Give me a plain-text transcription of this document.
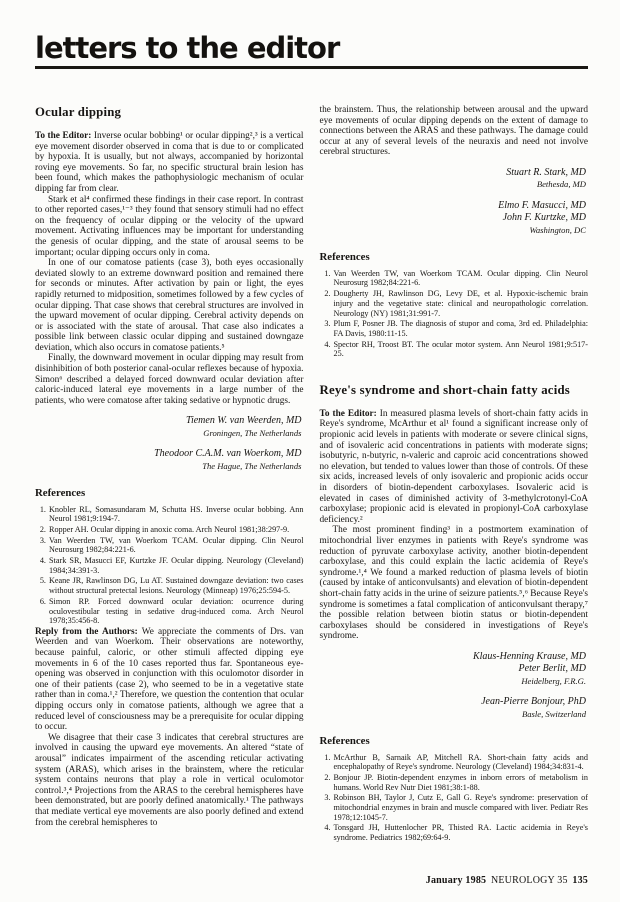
letters to the editor
Ocular dipping

To the Editor: Inverse ocular bobbing¹ or ocular dipping²,³ is a vertical eye movement disorder observed in coma that is due to or complicated by hypoxia. It is usually, but not always, accompanied by horizontal roving eye movements. So far, no specific structural brain lesion has been found, which makes the pathophysiologic mechanism of ocular dipping far from clear.

Stark et al⁴ confirmed these findings in their case report. In contrast to other reported cases,¹⁻³ they found that sensory stimuli had no effect on the frequency of ocular dipping or the velocity of the upward movement. Activating influences may be important for understanding the genesis of ocular dipping, and the state of arousal seems to be important; ocular dipping occurs only in coma.

In one of our comatose patients (case 3), both eyes occasionally deviated slowly to an extreme downward position and remained there for seconds or minutes. After activation by pain or light, the eyes rapidly returned to midposition, sometimes followed by a few cycles of ocular dipping. That case shows that cerebral structures are involved in the upward movement of ocular dipping. Cerebral activity depends on or is associated with the state of arousal. That case also indicates a possible link between classic ocular dipping and sustained downgaze deviation, which also occurs in comatose patients.⁵

Finally, the downward movement in ocular dipping may result from disinhibition of both posterior canal-ocular reflexes because of hypoxia. Simon⁶ described a delayed forced downward ocular deviation after caloric-induced lateral eye movements in a large number of the patients, who were comatose after taking sedative or hypnotic drugs.

Tiemen W. van Weerden, MD
Groningen, The Netherlands
Theodoor C.A.M. van Woerkom, MD
The Hague, The Netherlands
References
1. Knobler RL, Somasundaram M, Schutta HS. Inverse ocular bobbing. Ann Neurol 1981;9:194-7.
2. Ropper AH. Ocular dipping in anoxic coma. Arch Neurol 1981;38:297-9.
3. Van Weerden TW, van Woerkom TCAM. Ocular dipping. Clin Neurol Neurosurg 1982;84:221-6.
4. Stark SR, Masucci EF, Kurtzke JF. Ocular dipping. Neurology (Cleveland) 1984;34:391-3.
5. Keane JR, Rawlinson DG, Lu AT. Sustained downgaze deviation: two cases without structural pretectal lesions. Neurology (Minneap) 1976;25:594-5.
6. Simon RP. Forced downward ocular deviation: ocurrence during oculovestibular testing in sedative drug-induced coma. Arch Neurol 1978;35:456-8.

Reply from the Authors: We appreciate the comments of Drs. van Weerden and van Woerkom. Their observations are noteworthy, because painful, caloric, or other stimuli affected dipping eye movements in 6 of the 10 cases reported thus far. Spontaneous eye-opening was observed in conjunction with this oculomotor disorder in one of their patients (case 2), who seemed to be in a vegetative state rather than in coma.¹,² Therefore, we question the contention that ocular dipping occurs only in comatose patients, although we agree that a reduced level of consciousness may be a prerequisite for ocular dipping to occur.

We disagree that their case 3 indicates that cerebral structures are involved in causing the upward eye movements. An altered “state of arousal” indicates impairment of the ascending reticular activating system (ARAS), which arises in the brainstem, where the reticular system contains neurons that play a role in vertical oculomotor control.³,⁴ Projections from the ARAS to the cerebral hemispheres have been demonstrated, but are poorly defined anatomically.¹ The pathways that mediate vertical eye movements are also poorly defined and extend from the cerebral hemispheres to

the brainstem. Thus, the relationship between arousal and the upward eye movements of ocular dipping depends on the extent of damage to connections between the ARAS and these pathways. The damage could occur at any of several levels of the neuraxis and need not involve cerebral structures.

Stuart R. Stark, MD
Bethesda, MD
Elmo F. Masucci, MD
John F. Kurtzke, MD
Washington, DC
References
1. Van Weerden TW, van Woerkom TCAM. Ocular dipping. Clin Neurol Neurosurg 1982;84:221-6.
2. Dougherty JH, Rawlinson DG, Levy DE, et al. Hypoxic-ischemic brain injury and the vegetative state: clinical and neuropathologic correlation. Neurology (NY) 1981;31:991-7.
3. Plum F, Posner JB. The diagnosis of stupor and coma, 3rd ed. Philadelphia: FA Davis, 1980:11-15.
4. Spector RH, Troost BT. The ocular motor system. Ann Neurol 1981;9:517-25.
Reye's syndrome and short-chain fatty acids

To the Editor: In measured plasma levels of short-chain fatty acids in Reye's syndrome, McArthur et al¹ found a significant increase only of propionic acid levels in patients with moderate or severe clinical signs, and of isovaleric acid concentrations in patients with moderate signs; isobutyric, n-butyric, n-valeric and caproic acid concentrations showed no elevation, but tended to values lower than those of controls. Of these six acids, increased levels of only isovaleric and propionic acids occur in disorders of biotin-dependent carboxylases. Isovaleric acid is elevated in cases of diminished activity of 3-methylcrotonyl-CoA carboxylase; propionic acid is elevated in propionyl-CoA carboxylase deficiency.²

The most prominent finding³ in a postmortem examination of mitochondrial liver enzymes in patients with Reye's syndrome was reduction of pyruvate carboxylase activity, another biotin-dependent carboxylase, and this could explain the lactic acidemia of Reye's syndrome.¹,⁴ We found a marked reduction of plasma levels of biotin (caused by intake of anticonvulsants) and elevation of biotin-dependent short-chain fatty acids in the urine of seizure patients.⁵,⁶ Because Reye's syndrome is sometimes a fatal complication of anticonvulsant therapy,⁷ the possible relation between biotin status or biotin-dependent carboxylases should be considered in investigations of Reye's syndrome.

Klaus-Henning Krause, MD
Peter Berlit, MD
Heidelberg, F.R.G.
Jean-Pierre Bonjour, PhD
Basle, Switzerland
References
1. McArthur B, Sarnaik AP, Mitchell RA. Short-chain fatty acids and encephalopathy of Reye's syndrome. Neurology (Cleveland) 1984;34:831-4.
2. Bonjour JP. Biotin-dependent enzymes in inborn errors of metabolism in humans. World Rev Nutr Diet 1981;38:1-88.
3. Robinson BH, Taylor J, Cutz E, Gall G. Reye's syndrome: preservation of mitochondrial enzymes in brain and muscle compared with liver. Pediatr Res 1978;12:1045-7.
4. Tonsgard JH, Huttenlocher PR, Thisted RA. Lactic acidemia in Reye's syndrome. Pediatrics 1982;69:64-9.
January 1985 NEUROLOGY 35 135
